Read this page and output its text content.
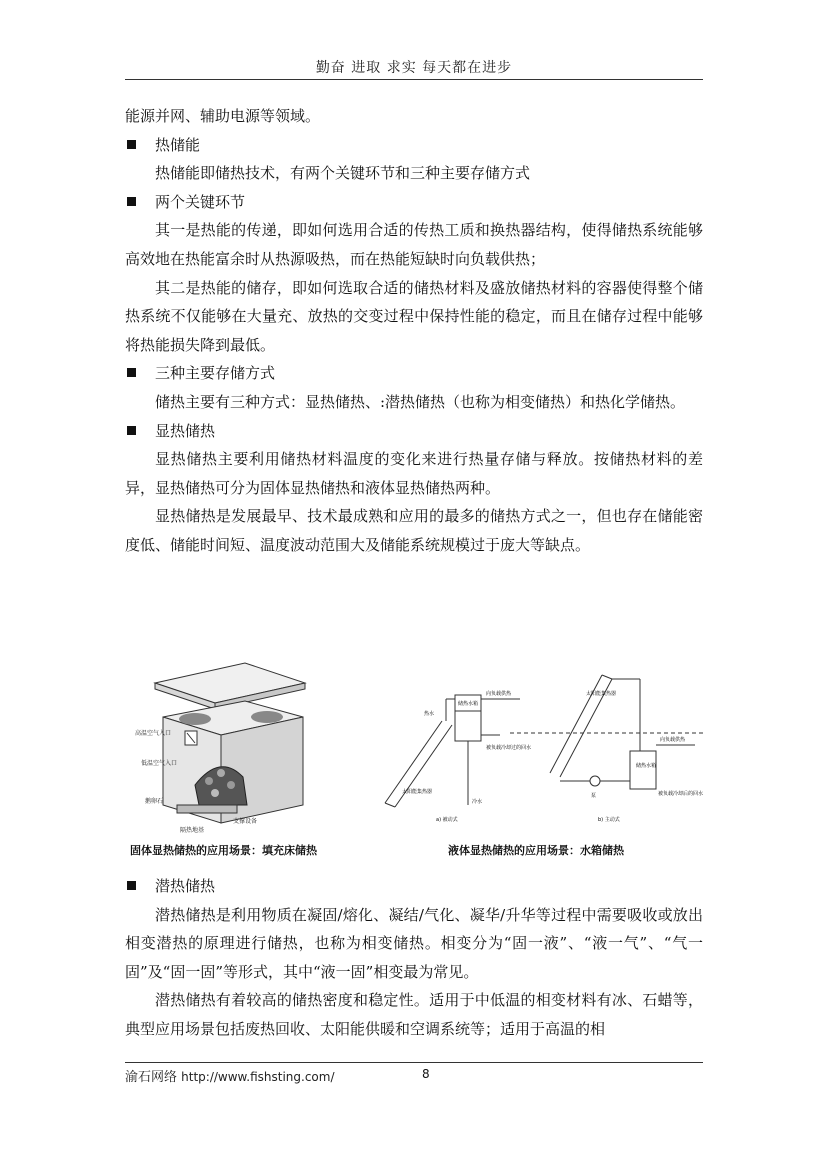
勤奋 进取 求实 每天都在进步

能源并网、辅助电源等领域。

热储能

热储能即储热技术，有两个关键环节和三种主要存储方式

两个关键环节

其一是热能的传递，即如何选用合适的传热工质和换热器结构，使得储热系统能够高效地在热能富余时从热源吸热，而在热能短缺时向负载供热；

其二是热能的储存，即如何选取合适的储热材料及盛放储热材料的容器使得整个储热系统不仅能够在大量充、放热的交变过程中保持性能的稳定，而且在储存过程中能够将热能损失降到最低。

三种主要存储方式

储热主要有三种方式：显热储热、:潜热储热（也称为相变储热）和热化学储热。

显热储热

显热储热主要利用储热材料温度的变化来进行热量存储与释放。按储热材料的差异，显热储热可分为固体显热储热和液体显热储热两种。

显热储热是发展最早、技术最成熟和应用的最多的储热方式之一，但也存在储能密度低、储能时间短、温度波动范围大及储能系统规模过于庞大等缺点。

高温空气入口
低温空气入口
鹅卵石
隔热地基
支撑设备
固体显热储热的应用场景：填充床储热
储热水箱
向负载供热
被负载冷却过的回水
热水
冷水
太阳能集热器
a) 被动式
太阳能集热器
储热水箱
向负载供热
泵	被负载冷却后的回水
b) 主动式
液体显热储热的应用场景：水箱储热

潜热储热

潜热储热是利用物质在凝固/熔化、凝结/气化、凝华/升华等过程中需要吸收或放出相变潜热的原理进行储热，也称为相变储热。相变分为“固一液”、“液一气”、“气一固”及“固一固”等形式，其中“液一固”相变最为常见。

潜热储热有着较高的储热密度和稳定性。适用于中低温的相变材料有冰、石蜡等，典型应用场景包括废热回收、太阳能供暖和空调系统等；适用于高温的相

渝石网络 http://www.fishsting.com/	8
